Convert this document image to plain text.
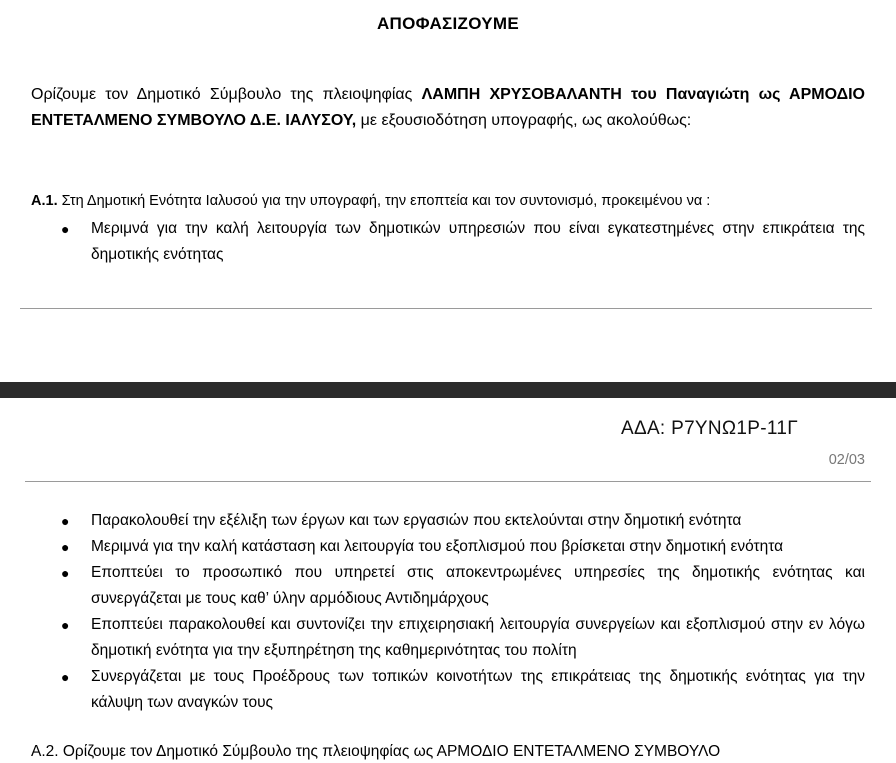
ΑΠΟΦΑΣΙΖΟΥΜΕ
Ορίζουμε τον Δημοτικό Σύμβουλο της πλειοψηφίας ΛΑΜΠΗ ΧΡΥΣΟΒΑΛΑΝΤΗ του Παναγιώτη ως ΑΡΜΟΔΙΟ ΕΝΤΕΤΑΛΜΕΝΟ ΣΥΜΒΟΥΛΟ Δ.Ε. ΙΑΛΥΣΟΥ, με εξουσιοδότηση υπογραφής, ως ακολούθως:
Α.1. Στη Δημοτική Ενότητα Ιαλυσού για την υπογραφή, την εποπτεία και τον συντονισμό, προκειμένου να :
● Μεριμνά για την καλή λειτουργία των δημοτικών υπηρεσιών που είναι εγκατεστημένες στην επικράτεια της δημοτικής ενότητας
ΑΔΑ: Ρ7ΥΝΩ1Ρ-11Γ
02/03
● Παρακολουθεί την εξέλιξη των έργων και των εργασιών που εκτελούνται στην δημοτική ενότητα
● Μεριμνά για την καλή κατάσταση και λειτουργία του εξοπλισμού που βρίσκεται στην δημοτική ενότητα
● Εποπτεύει το προσωπικό που υπηρετεί στις αποκεντρωμένες υπηρεσίες της δημοτικής ενότητας και συνεργάζεται με τους καθ’ ύλην αρμόδιους Αντιδημάρχους
● Εποπτεύει παρακολουθεί και συντονίζει την επιχειρησιακή λειτουργία συνεργείων και εξοπλισμού στην εν λόγω δημοτική ενότητα για την εξυπηρέτηση της καθημερινότητας του πολίτη
● Συνεργάζεται με τους Προέδρους των τοπικών κοινοτήτων της επικράτειας της δημοτικής ενότητας για την κάλυψη των αναγκών τους
Α.2. Ορίζουμε τον Δημοτικό Σύμβουλο της πλειοψηφίας ως ΑΡΜΟΔΙΟ ΕΝΤΕΤΑΛΜΕΝΟ ΣΥΜΒΟΥΛΟ
